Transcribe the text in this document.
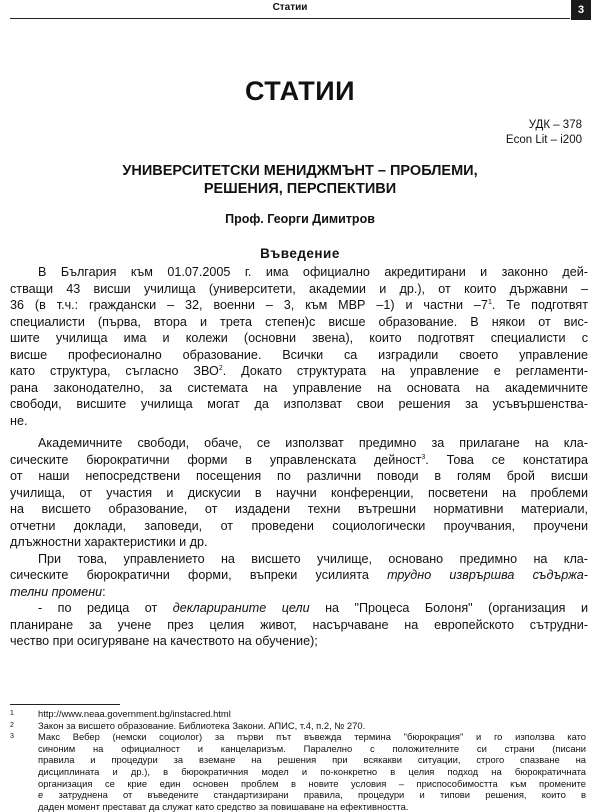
Статии	3
СТАТИИ
УДК – 378
Econ Lit – i200
УНИВЕРСИТЕТСКИ МЕНИДЖМЪНТ – ПРОБЛЕМИ,
РЕШЕНИЯ, ПЕРСПЕКТИВИ
Проф. Георги Димитров
Въведение
В България към 01.07.2005 г. има официално акредитирани и законно дей-
стващи 43 висши училища (университети, академии и др.), от които държавни –
36 (в т.ч.: граждански – 32, военни – 3, към МВР –1) и частни $-7^1$. Те подготвят
специалисти (първа, втора и трета степен)с висше образование. В някои от вис-
шите училища има и колежи (основни звена), които подготвят специалисти с
висше професионално образование. Всички са изградили своето управление
като структура, съгласно ЗВО$^2$. Докато структурата на управление е регламенти-
рана законодателно, за системата на управление на основата на академичните
свободи, висшите училища могат да използват свои решения за усъвършенства-
не.
Академичните свободи, обаче, се използват предимно за прилагане на кла-
сическите бюрократични форми в управленската дейност$^3$. Това се констатира
от наши непосредствени посещения по различни поводи в голям брой висши
училища, от участия и дискусии в научни конференции, посветени на проблеми
на висшето образование, от издадени техни вътрешни нормативни материали,
отчетни доклади, заповеди, от проведени социологически проучвания, проучени
длъжностни характеристики и др.
При това, управлението на висшето училище, основано предимно на кла-
сическите бюрократични форми, въпреки усилията трудно изврършва съдържа-
телни промени:
- по редица от декларираните цели на "Процеса Болоня" (организация и
планиране за учене през целия живот, насърчаване на европейското сътрудни-
чество при осигуряване на качеството на обучение);
1	http://www.neaa.government.bg/instacred.html
2	Закон за висшето образование. Библиотека Закони. АПИС, т.4, п.2, № 270.
3	Макс Вебер (немски социолог) за първи път въвежда термина "бюрокрация" и го използва като
синоним на официалност и канцеларизъм. Паралелно с положителните си страни (писани
правила и процедури за вземане на решения при всякакви ситуации, строго спазване на
дисциплината и др.), в бюрократичния модел и по-конкретно в целия подход на бюрократичната
организация се крие един основен проблем в новите условия – приспособимостта към промените
е затруднена от въведените стандартизирани правила, процедури и типови решения, които в
даден момент престават да служат като средство за повишаване на ефективността.
